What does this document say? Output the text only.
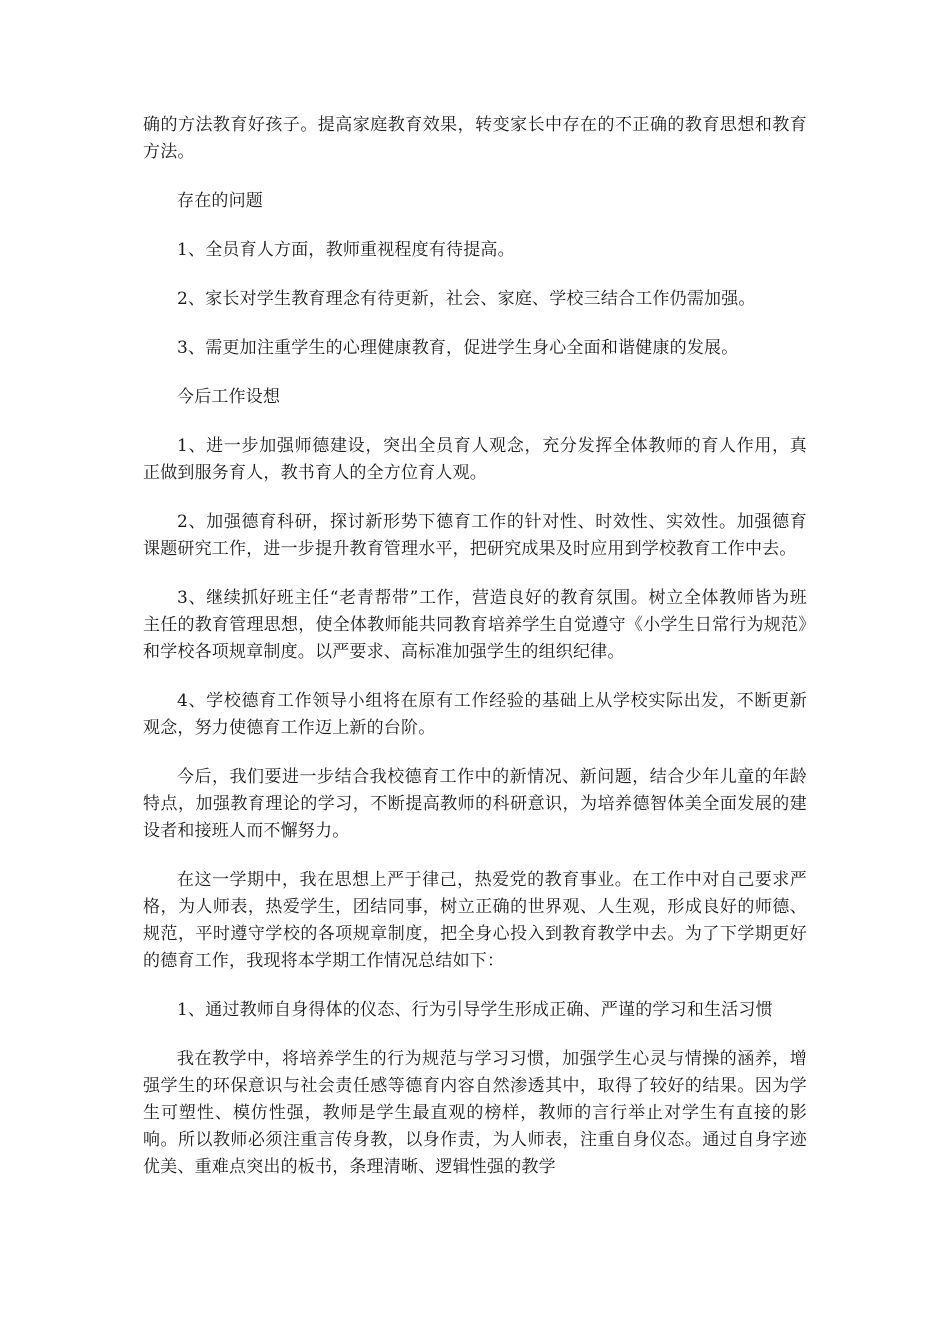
确的方法教育好孩子。提高家庭教育效果，转变家长中存在的不正确的教育思想和教育方法。

存在的问题

1、全员育人方面，教师重视程度有待提高。

2、家长对学生教育理念有待更新，社会、家庭、学校三结合工作仍需加强。

3、需更加注重学生的心理健康教育，促进学生身心全面和谐健康的发展。

今后工作设想

1、进一步加强师德建设，突出全员育人观念，充分发挥全体教师的育人作用，真正做到服务育人，教书育人的全方位育人观。

2、加强德育科研，探讨新形势下德育工作的针对性、时效性、实效性。加强德育课题研究工作，进一步提升教育管理水平，把研究成果及时应用到学校教育工作中去。

3、继续抓好班主任“老青帮带”工作，营造良好的教育氛围。树立全体教师皆为班主任的教育管理思想，使全体教师能共同教育培养学生自觉遵守《小学生日常行为规范》和学校各项规章制度。以严要求、高标准加强学生的组织纪律。

4、学校德育工作领导小组将在原有工作经验的基础上从学校实际出发，不断更新观念，努力使德育工作迈上新的台阶。

今后，我们要进一步结合我校德育工作中的新情况、新问题，结合少年儿童的年龄特点，加强教育理论的学习，不断提高教师的科研意识，为培养德智体美全面发展的建设者和接班人而不懈努力。

在这一学期中，我在思想上严于律己，热爱党的教育事业。在工作中对自己要求严格，为人师表，热爱学生，团结同事，树立正确的世界观、人生观，形成良好的师德、规范，平时遵守学校的各项规章制度，把全身心投入到教育教学中去。为了下学期更好的德育工作，我现将本学期工作情况总结如下：

1、通过教师自身得体的仪态、行为引导学生形成正确、严谨的学习和生活习惯

我在教学中，将培养学生的行为规范与学习习惯，加强学生心灵与情操的涵养，增强学生的环保意识与社会责任感等德育内容自然渗透其中，取得了较好的结果。因为学生可塑性、模仿性强，教师是学生最直观的榜样，教师的言行举止对学生有直接的影响。所以教师必须注重言传身教，以身作责，为人师表，注重自身仪态。通过自身字迹优美、重难点突出的板书，条理清晰、逻辑性强的教学
